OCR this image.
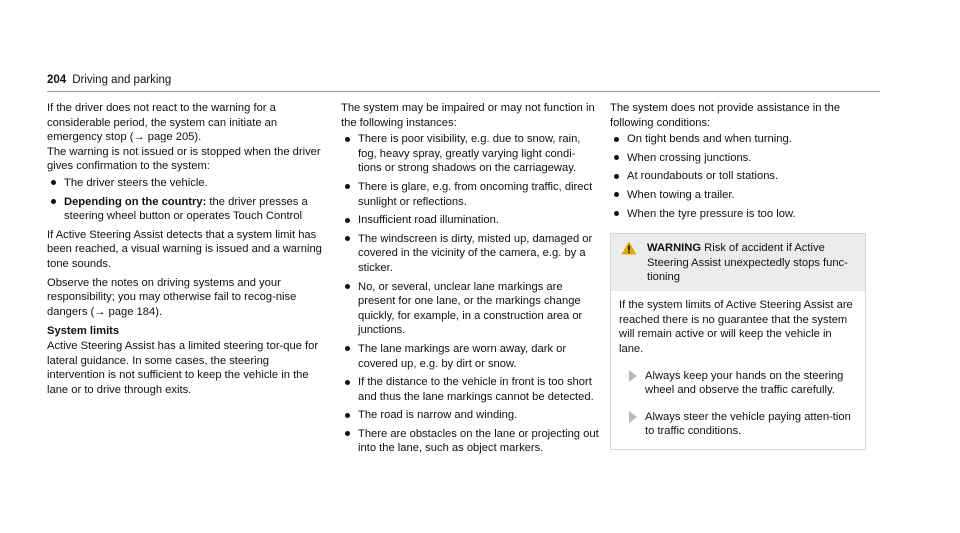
204 Driving and parking

If the driver does not react to the warning for a considerable period, the system can initiate an emergency stop (→ page 205).

The warning is not issued or is stopped when the driver gives confirmation to the system:

The driver steers the vehicle.
Depending on the country: the driver presses a steering wheel button or operates Touch Control

If Active Steering Assist detects that a system limit has been reached, a visual warning is issued and a warning tone sounds.

Observe the notes on driving systems and your responsibility; you may otherwise fail to recog-nise dangers (→ page 184).

System limits

Active Steering Assist has a limited steering tor-que for lateral guidance. In some cases, the steering intervention is not sufficient to keep the vehicle in the lane or to drive through exits.

The system may be impaired or may not function in the following instances:

There is poor visibility, e.g. due to snow, rain, fog, heavy spray, greatly varying light condi-tions or strong shadows on the carriageway.
There is glare, e.g. from oncoming traffic, direct sunlight or reflections.
Insufficient road illumination.
The windscreen is dirty, misted up, damaged or covered in the vicinity of the camera, e.g. by a sticker.
No, or several, unclear lane markings are present for one lane, or the markings change quickly, for example, in a construction area or junctions.
The lane markings are worn away, dark or covered up, e.g. by dirt or snow.
If the distance to the vehicle in front is too short and thus the lane markings cannot be detected.
The road is narrow and winding.
There are obstacles on the lane or projecting out into the lane, such as object markers.

The system does not provide assistance in the following conditions:

On tight bends and when turning.
When crossing junctions.
At roundabouts or toll stations.
When towing a trailer.
When the tyre pressure is too low.
WARNING Risk of accident if Active Steering Assist unexpectedly stops func-tioning

If the system limits of Active Steering Assist are reached there is no guarantee that the system will remain active or will keep the vehicle in lane.

Always keep your hands on the steering wheel and observe the traffic carefully.
Always steer the vehicle paying atten-tion to traffic conditions.
